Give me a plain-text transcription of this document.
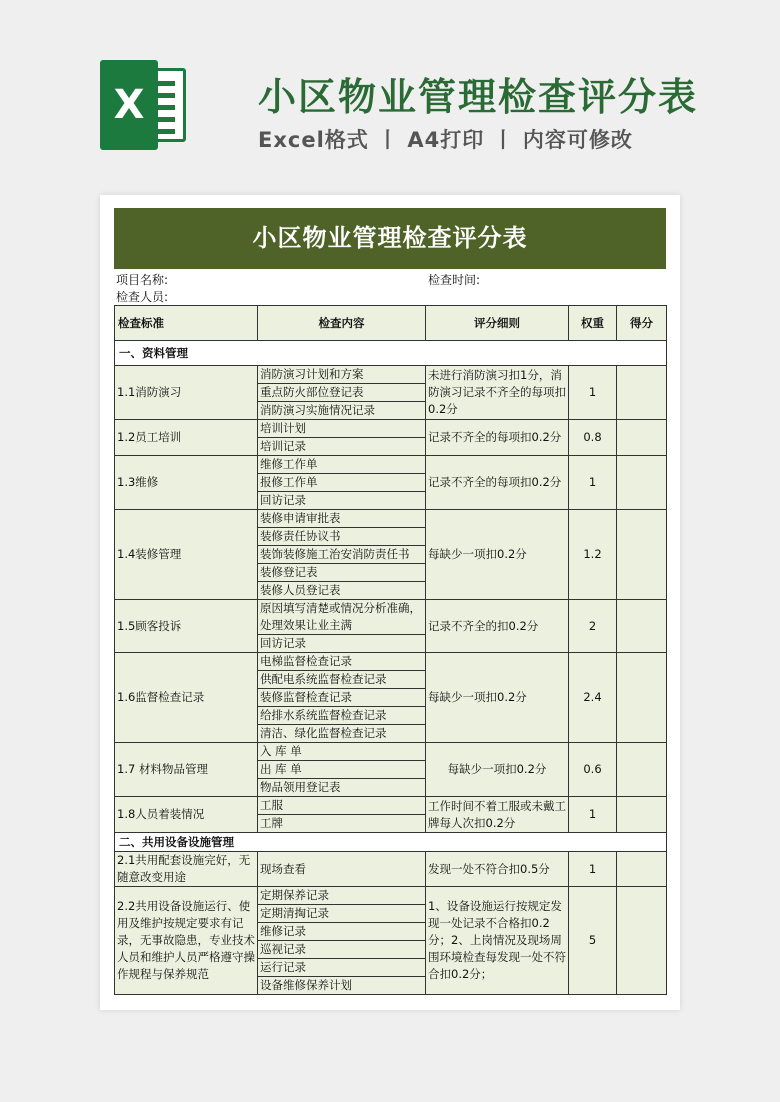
X	小区物业管理检查评分表
Excel格式 丨 A4打印 丨 内容可修改
小区物业管理检查评分表
项目名称:	检查时间:
检查人员:
检查标准	检查内容	评分细则	权重	得分
一、资料管理				
1.1消防演习	消防演习计划和方案	未进行消防演习扣1分，消防演习记录不齐全的每项扣0.2分	1	
	重点防火部位登记表			
	消防演习实施情况记录			
1.2员工培训	培训计划	记录不齐全的每项扣0.2分	0.8	
	培训记录			
1.3维修	维修工作单	记录不齐全的每项扣0.2分	1	
	报修工作单			
	回访记录			
1.4装修管理	装修申请审批表	每缺少一项扣0.2分	1.2	
	装修责任协议书			
	装饰装修施工治安消防责任书			
	装修登记表			
	装修人员登记表			
1.5顾客投诉	原因填写清楚或情况分析准确，处理效果让业主满	记录不齐全的扣0.2分	2	
	回访记录			
1.6监督检查记录	电梯监督检查记录	每缺少一项扣0.2分	2.4	
	供配电系统监督检查记录			
	装修监督检查记录			
	给排水系统监督检查记录			
	清洁、绿化监督检查记录			
1.7 材料物品管理	入 库 单	每缺少一项扣0.2分	0.6	
	出 库 单			
	物品领用登记表			
1.8人员着装情况	工服	工作时间不着工服或未戴工牌每人次扣0.2分	1	
	工牌			
二、共用设备设施管理				
2.1共用配套设施完好，无随意改变用途	现场查看	发现一处不符合扣0.5分	1	
2.2共用设备设施运行、使用及维护按规定要求有记录，无事故隐患，专业技术人员和维护人员严格遵守操作规程与保养规范	定期保养记录	1、设备设施运行按规定发现一处记录不合格扣0.2分；2、上岗情况及现场周围环境检查每发现一处不符合扣0.2分；	5	
	定期清掏记录			
	维修记录			
	巡视记录			
	运行记录			
	设备维修保养计划			
